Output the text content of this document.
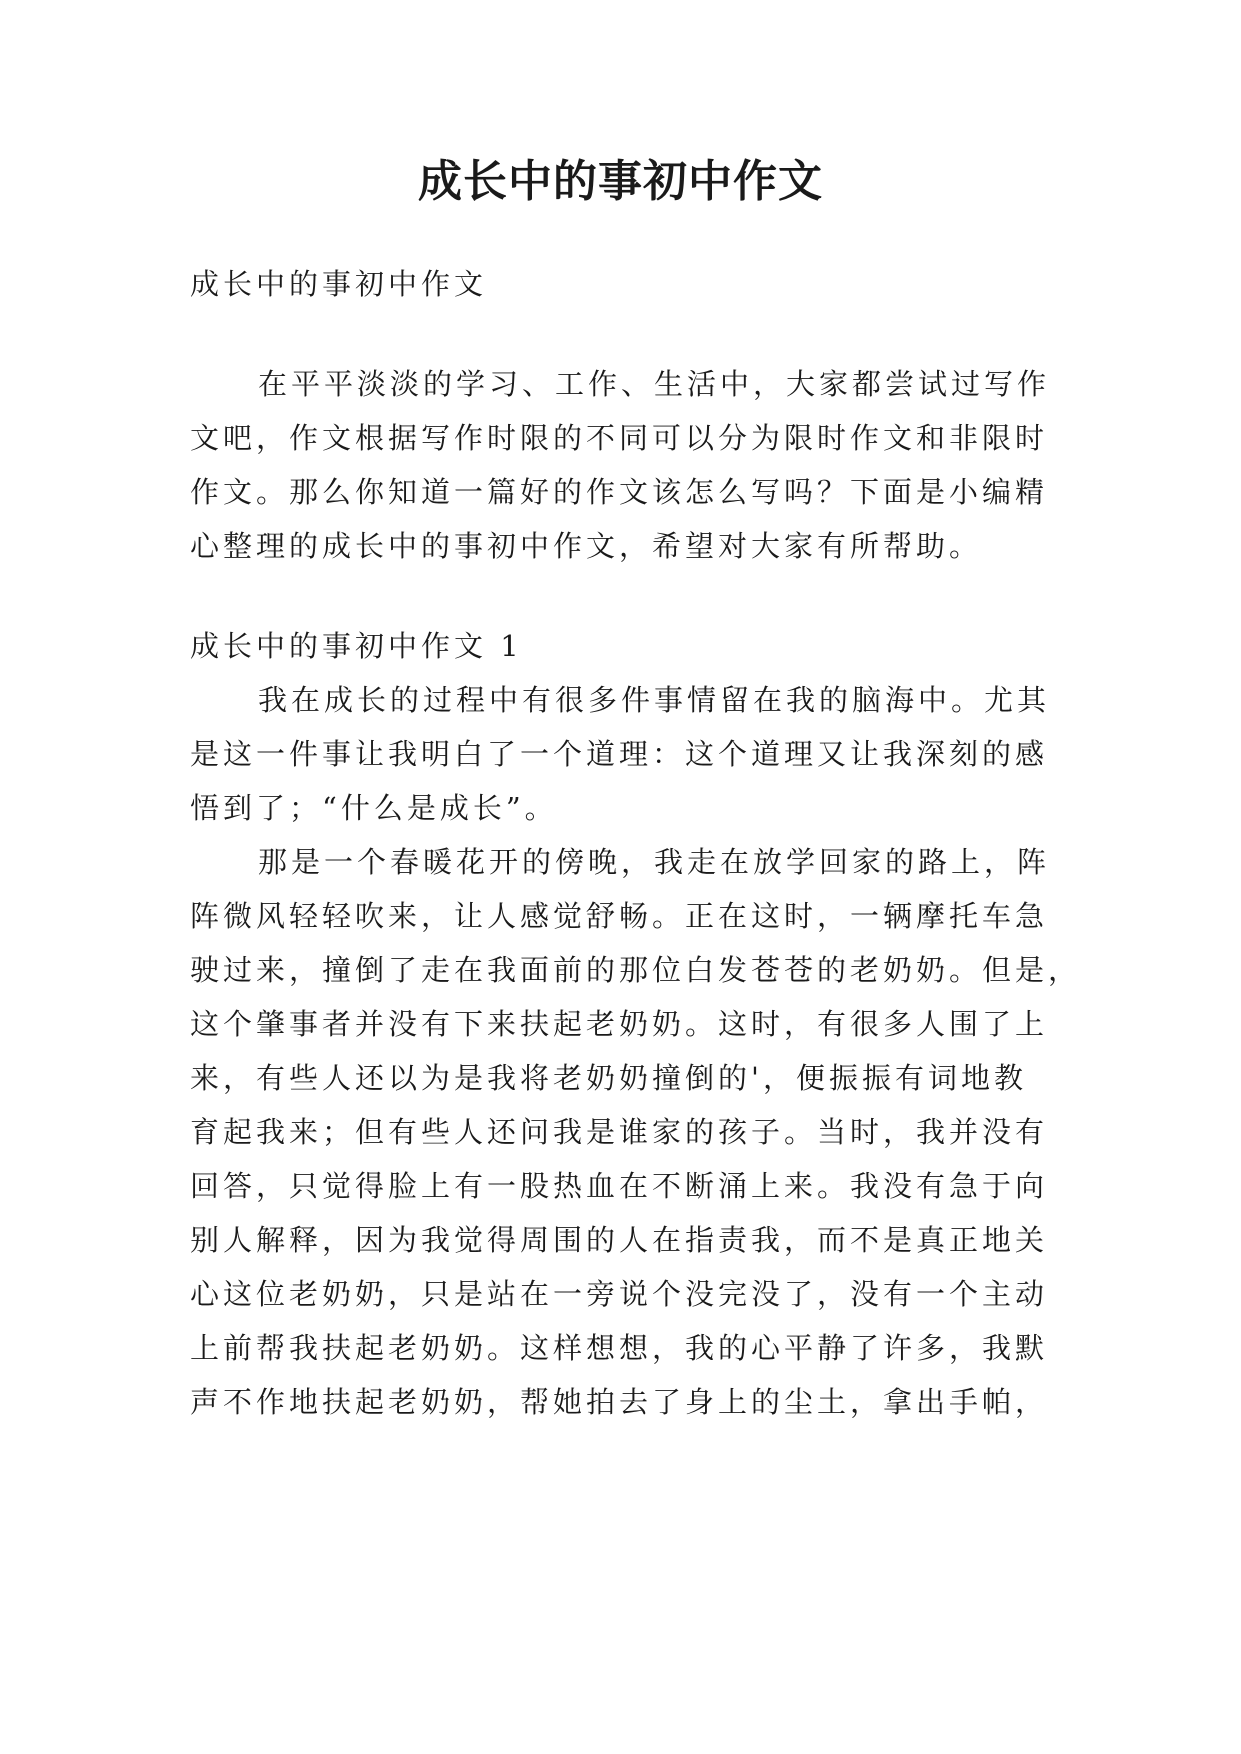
成长中的事初中作文
成长中的事初中作文
在平平淡淡的学习、工作、生活中，大家都尝试过写作
文吧，作文根据写作时限的不同可以分为限时作文和非限时
作文。那么你知道一篇好的作文该怎么写吗？下面是小编精
心整理的成长中的事初中作文，希望对大家有所帮助。
成长中的事初中作文 1
我在成长的过程中有很多件事情留在我的脑海中。尤其
是这一件事让我明白了一个道理：这个道理又让我深刻的感
悟到了；“什么是成长”。
那是一个春暖花开的傍晚，我走在放学回家的路上，阵
阵微风轻轻吹来，让人感觉舒畅。正在这时，一辆摩托车急
驶过来，撞倒了走在我面前的那位白发苍苍的老奶奶。但是，
这个肇事者并没有下来扶起老奶奶。这时，有很多人围了上
来，有些人还以为是我将老奶奶撞倒的'，便振振有词地教
育起我来；但有些人还问我是谁家的孩子。当时，我并没有
回答，只觉得脸上有一股热血在不断涌上来。我没有急于向
别人解释，因为我觉得周围的人在指责我，而不是真正地关
心这位老奶奶，只是站在一旁说个没完没了，没有一个主动
上前帮我扶起老奶奶。这样想想，我的心平静了许多，我默
声不作地扶起老奶奶，帮她拍去了身上的尘土，拿出手帕，
